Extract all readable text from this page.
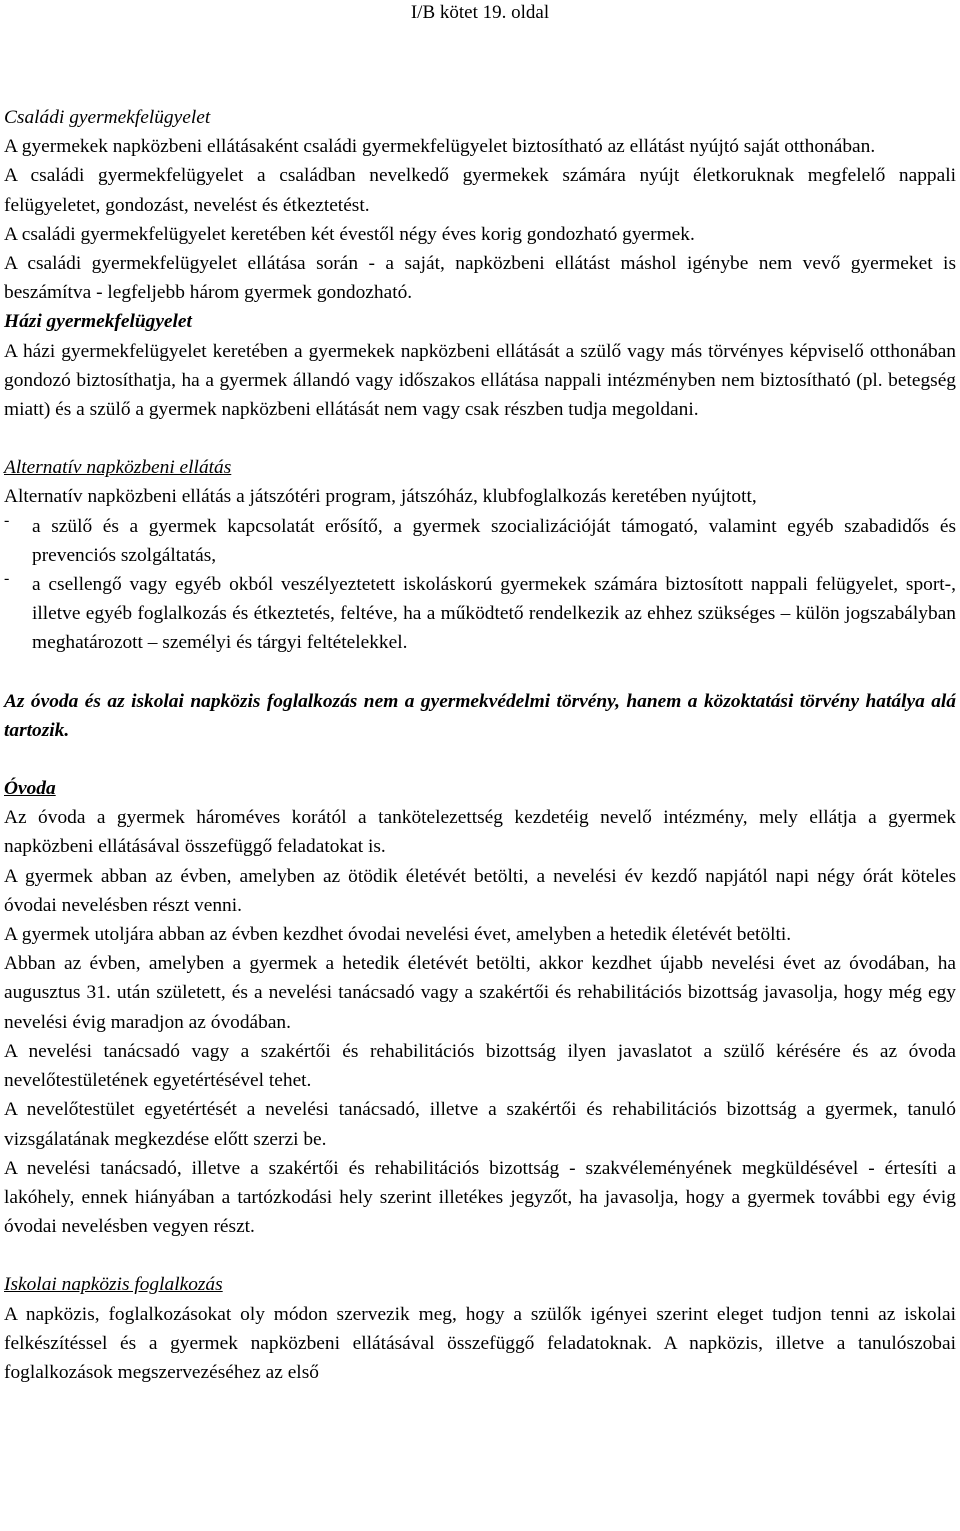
I/B kötet 19. oldal

Családi gyermekfelügyelet

A gyermekek napközbeni ellátásaként családi gyermekfelügyelet biztosítható az ellátást nyújtó saját otthonában.

A családi gyermekfelügyelet a családban nevelkedő gyermekek számára nyújt életkoruknak megfelelő nappali felügyeletet, gondozást, nevelést és étkeztetést.

A családi gyermekfelügyelet keretében két évestől négy éves korig gondozható gyermek.

A családi gyermekfelügyelet ellátása során - a saját, napközbeni ellátást máshol igénybe nem vevő gyermeket is beszámítva - legfeljebb három gyermek gondozható.

Házi gyermekfelügyelet

A házi gyermekfelügyelet keretében a gyermekek napközbeni ellátását a szülő vagy más törvényes képviselő otthonában gondozó biztosíthatja, ha a gyermek állandó vagy időszakos ellátása nappali intézményben nem biztosítható (pl. betegség miatt) és a szülő a gyermek napközbeni ellátását nem vagy csak részben tudja megoldani.

Alternatív napközbeni ellátás

Alternatív napközbeni ellátás a játszótéri program, játszóház, klubfoglalkozás keretében nyújtott,

-	a szülő és a gyermek kapcsolatát erősítő, a gyermek szocializációját támogató, valamint egyéb szabadidős és prevenciós szolgáltatás,

-	a csellengő vagy egyéb okból veszélyeztetett iskoláskorú gyermekek számára biztosított nappali felügyelet, sport-, illetve egyéb foglalkozás és étkeztetés, feltéve, ha a működtető rendelkezik az ehhez szükséges – külön jogszabályban meghatározott – személyi és tárgyi feltételekkel.

Az óvoda és az iskolai napközis foglalkozás nem a gyermekvédelmi törvény, hanem a közoktatási törvény hatálya alá tartozik.

Óvoda

Az óvoda a gyermek hároméves korától a tankötelezettség kezdetéig nevelő intézmény, mely ellátja a gyermek napközbeni ellátásával összefüggő feladatokat is.

A gyermek abban az évben, amelyben az ötödik életévét betölti, a nevelési év kezdő napjától napi négy órát köteles óvodai nevelésben részt venni.

A gyermek utoljára abban az évben kezdhet óvodai nevelési évet, amelyben a hetedik életévét betölti.

Abban az évben, amelyben a gyermek a hetedik életévét betölti, akkor kezdhet újabb nevelési évet az óvodában, ha augusztus 31. után született, és a nevelési tanácsadó vagy a szakértői és rehabilitációs bizottság javasolja, hogy még egy nevelési évig maradjon az óvodában.

A nevelési tanácsadó vagy a szakértői és rehabilitációs bizottság ilyen javaslatot a szülő kérésére és az óvoda nevelőtestületének egyetértésével tehet.

A nevelőtestület egyetértését a nevelési tanácsadó, illetve a szakértői és rehabilitációs bizottság a gyermek, tanuló vizsgálatának megkezdése előtt szerzi be.

A nevelési tanácsadó, illetve a szakértői és rehabilitációs bizottság - szakvéleményének megküldésével - értesíti a lakóhely, ennek hiányában a tartózkodási hely szerint illetékes jegyzőt, ha javasolja, hogy a gyermek további egy évig óvodai nevelésben vegyen részt.

Iskolai napközis foglalkozás

A napközis, foglalkozásokat oly módon szervezik meg, hogy a szülők igényei szerint eleget tudjon tenni az iskolai felkészítéssel és a gyermek napközbeni ellátásával összefüggő feladatoknak. A napközis, illetve a tanulószobai foglalkozások megszervezéséhez az első
